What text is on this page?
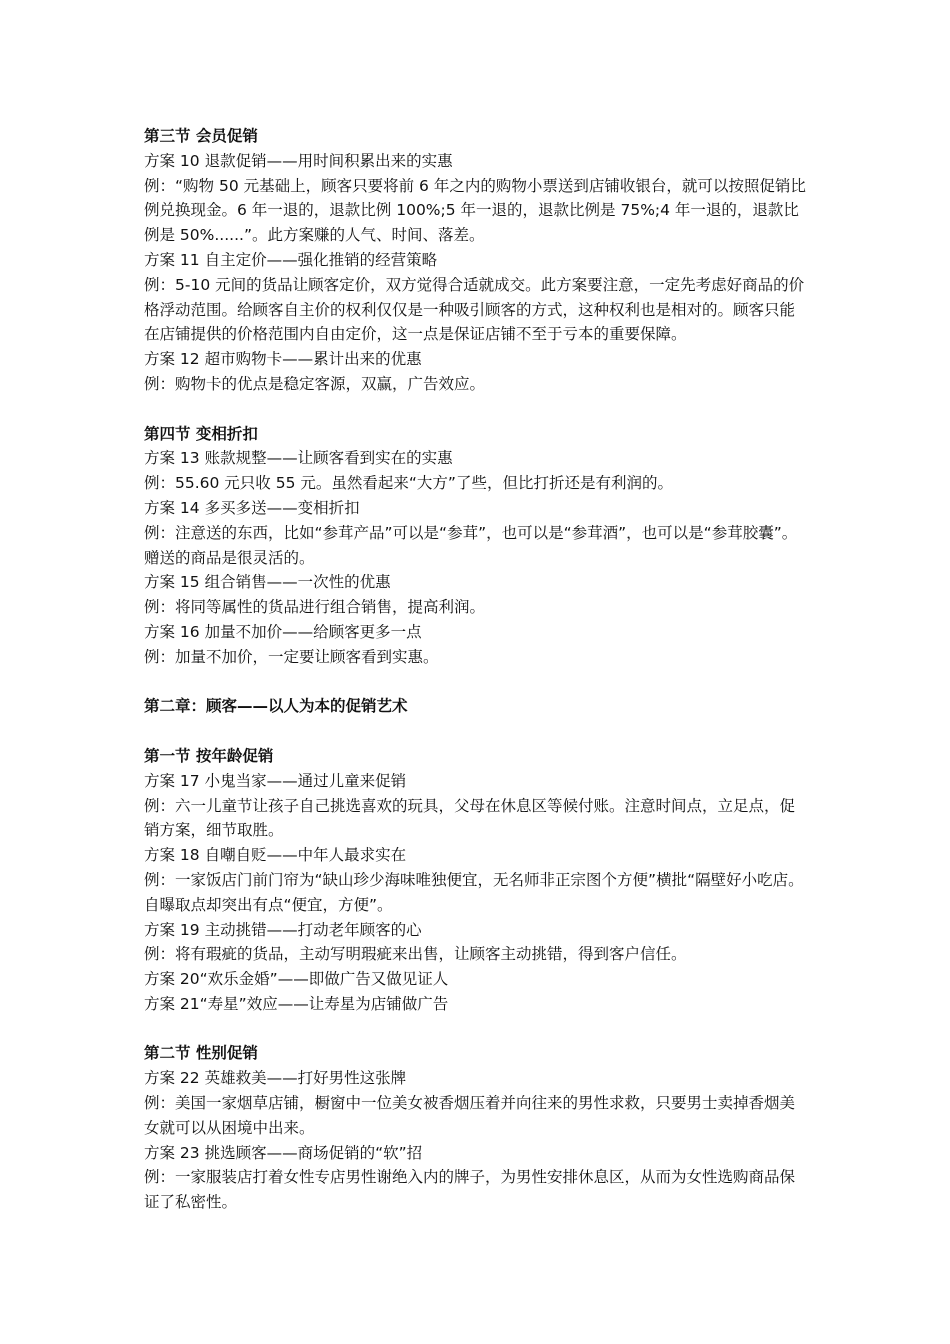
第三节 会员促销
方案 10 退款促销——用时间积累出来的实惠
例：“购物 50 元基础上，顾客只要将前 6 年之内的购物小票送到店铺收银台，就可以按照促销比例兑换现金。6 年一退的，退款比例 100%;5 年一退的，退款比例是 75%;4 年一退的，退款比例是 50%......”。此方案赚的人气、时间、落差。
方案 11 自主定价——强化推销的经营策略
例：5-10 元间的货品让顾客定价，双方觉得合适就成交。此方案要注意，一定先考虑好商品的价格浮动范围。给顾客自主价的权利仅仅是一种吸引顾客的方式，这种权利也是相对的。顾客只能在店铺提供的价格范围内自由定价，这一点是保证店铺不至于亏本的重要保障。
方案 12 超市购物卡——累计出来的优惠
例：购物卡的优点是稳定客源，双赢，广告效应。
第四节 变相折扣
方案 13 账款规整——让顾客看到实在的实惠
例：55.60 元只收 55 元。虽然看起来“大方”了些，但比打折还是有利润的。
方案 14 多买多送——变相折扣
例：注意送的东西，比如“参茸产品”可以是“参茸”，也可以是“参茸酒”，也可以是“参茸胶囊”。赠送的商品是很灵活的。
方案 15 组合销售——一次性的优惠
例：将同等属性的货品进行组合销售，提高利润。
方案 16 加量不加价——给顾客更多一点
例：加量不加价，一定要让顾客看到实惠。
第二章：顾客——以人为本的促销艺术
第一节 按年龄促销
方案 17 小鬼当家——通过儿童来促销
例：六一儿童节让孩子自己挑选喜欢的玩具，父母在休息区等候付账。注意时间点，立足点，促销方案，细节取胜。
方案 18 自嘲自贬——中年人最求实在
例：一家饭店门前门帘为“缺山珍少海味唯独便宜，无名师非正宗图个方便”横批“隔壁好小吃店。自曝取点却突出有点“便宜，方便”。
方案 19 主动挑错——打动老年顾客的心
例：将有瑕疵的货品，主动写明瑕疵来出售，让顾客主动挑错，得到客户信任。
方案 20“欢乐金婚”——即做广告又做见证人
方案 21“寿星”效应——让寿星为店铺做广告
第二节 性别促销
方案 22 英雄救美——打好男性这张牌
例：美国一家烟草店铺，橱窗中一位美女被香烟压着并向往来的男性求救，只要男士卖掉香烟美女就可以从困境中出来。
方案 23 挑选顾客——商场促销的“软”招
例：一家服装店打着女性专店男性谢绝入内的牌子，为男性安排休息区，从而为女性选购商品保证了私密性。
